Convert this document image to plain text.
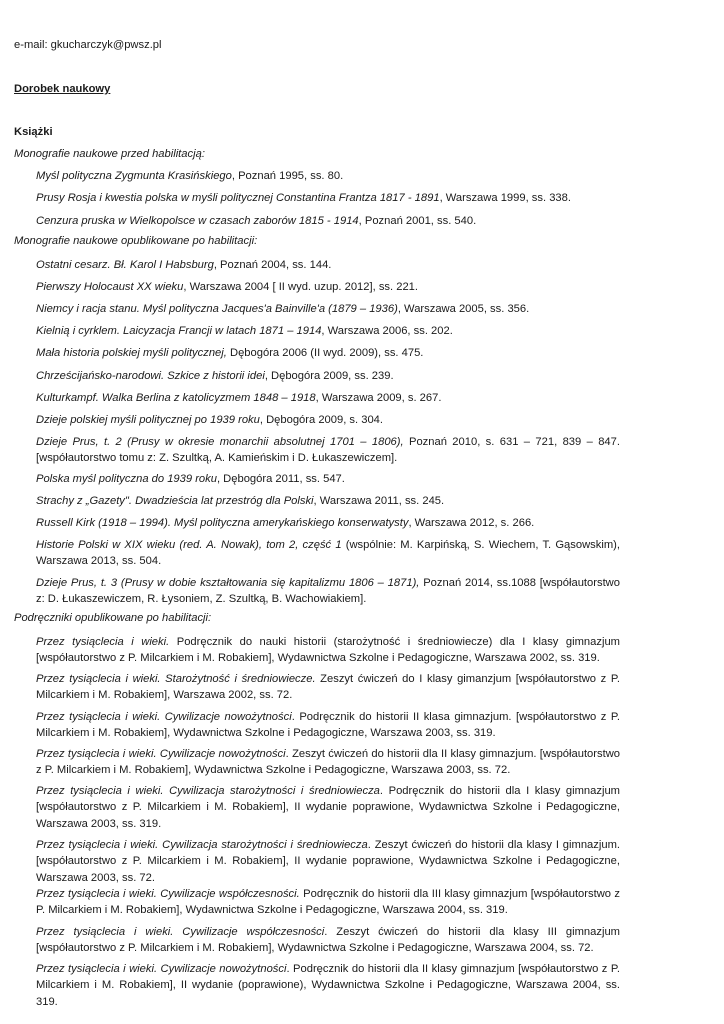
e-mail: gkucharczyk@pwsz.pl
Dorobek naukowy
Książki
Monografie naukowe przed habilitacją:
Myśl polityczna Zygmunta Krasińskiego, Poznań 1995, ss. 80.
Prusy Rosja i kwestia polska w myśli politycznej Constantina Frantza 1817 - 1891, Warszawa 1999, ss. 338.
Cenzura pruska w Wielkopolsce w czasach zaborów 1815 - 1914, Poznań 2001, ss. 540.
Monografie naukowe opublikowane po habilitacji:
Ostatni cesarz. Bł. Karol I Habsburg, Poznań 2004, ss. 144.
Pierwszy Holocaust XX wieku, Warszawa 2004 [ II wyd. uzup. 2012], ss. 221.
Niemcy i racja stanu. Myśl polityczna Jacques'a Bainville'a (1879 – 1936), Warszawa 2005, ss. 356.
Kielnią i cyrklem. Laicyzacja Francji w latach 1871 – 1914, Warszawa 2006, ss. 202.
Mała historia polskiej myśli politycznej, Dębogóra 2006 (II wyd. 2009), ss. 475.
Chrześcijańsko-narodowi. Szkice z historii idei, Dębogóra 2009, ss. 239.
Kulturkampf. Walka Berlina z katolicyzmem 1848 – 1918, Warszawa 2009, s. 267.
Dzieje polskiej myśli politycznej po 1939 roku, Dębogóra 2009, s. 304.
Dzieje Prus, t. 2 (Prusy w okresie monarchii absolutnej 1701 – 1806), Poznań 2010, s. 631 – 721, 839 – 847. [współautorstwo tomu z: Z. Szultką, A. Kamieńskim i D. Łukaszewiczem].
Polska myśl polityczna do 1939 roku, Dębogóra 2011, ss. 547.
Strachy z „Gazety". Dwadzieścia lat przestróg dla Polski, Warszawa 2011, ss. 245.
Russell Kirk (1918 – 1994). Myśl polityczna amerykańskiego konserwatysty, Warszawa 2012, s. 266.
Historie Polski w XIX wieku (red. A. Nowak), tom 2, część 1 (wspólnie: M. Karpińską, S. Wiechem, T. Gąsowskim), Warszawa 2013, ss. 504.
Dzieje Prus, t. 3 (Prusy w dobie kształtowania się kapitalizmu 1806 – 1871), Poznań 2014, ss.1088 [współautorstwo z: D. Łukaszewiczem, R. Łysoniem, Z. Szultką, B. Wachowiakiem].
Podręczniki opublikowane po habilitacji:
Przez tysiąclecia i wieki. Podręcznik do nauki historii (starożytność i średniowiecze) dla I klasy gimnazjum [współautorstwo z P. Milcarkiem i M. Robakiem], Wydawnictwa Szkolne i Pedagogiczne, Warszawa 2002, ss. 319.
Przez tysiąclecia i wieki. Starożytność i średniowiecze. Zeszyt ćwiczeń do I klasy gimanzjum [współautorstwo z P. Milcarkiem i M. Robakiem], Warszawa 2002, ss. 72.
Przez tysiąclecia i wieki. Cywilizacje nowożytności. Podręcznik do historii II klasa gimnazjum. [współautorstwo z P. Milcarkiem i M. Robakiem], Wydawnictwa Szkolne i Pedagogiczne, Warszawa 2003, ss. 319.
Przez tysiąclecia i wieki. Cywilizacje nowożytności. Zeszyt ćwiczeń do historii dla II klasy gimnazjum. [współautorstwo z P. Milcarkiem i M. Robakiem], Wydawnictwa Szkolne i Pedagogiczne, Warszawa 2003, ss. 72.
Przez tysiąclecia i wieki. Cywilizacja starożytności i średniowiecza. Podręcznik do historii dla I klasy gimnazjum [współautorstwo z P. Milcarkiem i M. Robakiem], II wydanie poprawione, Wydawnictwa Szkolne i Pedagogiczne, Warszawa 2003, ss. 319.
Przez tysiąclecia i wieki. Cywilizacja starożytności i średniowiecza. Zeszyt ćwiczeń do historii dla klasy I gimnazjum. [współautorstwo z P. Milcarkiem i M. Robakiem], II wydanie poprawione, Wydawnictwa Szkolne i Pedagogiczne, Warszawa 2003, ss. 72.
Przez tysiąclecia i wieki. Cywilizacje współczesności. Podręcznik do historii dla III klasy gimnazjum [współautorstwo z P. Milcarkiem i M. Robakiem], Wydawnictwa Szkolne i Pedagogiczne, Warszawa 2004, ss. 319.
Przez tysiąclecia i wieki. Cywilizacje współczesności. Zeszyt ćwiczeń do historii dla klasy III gimnazjum [współautorstwo z P. Milcarkiem i M. Robakiem], Wydawnictwa Szkolne i Pedagogiczne, Warszawa 2004, ss. 72.
Przez tysiąclecia i wieki. Cywilizacje nowożytności. Podręcznik do historii dla II klasy gimnazjum [współautorstwo z P. Milcarkiem i M. Robakiem], II wydanie (poprawione), Wydawnictwa Szkolne i Pedagogiczne, Warszawa 2004, ss. 319.
